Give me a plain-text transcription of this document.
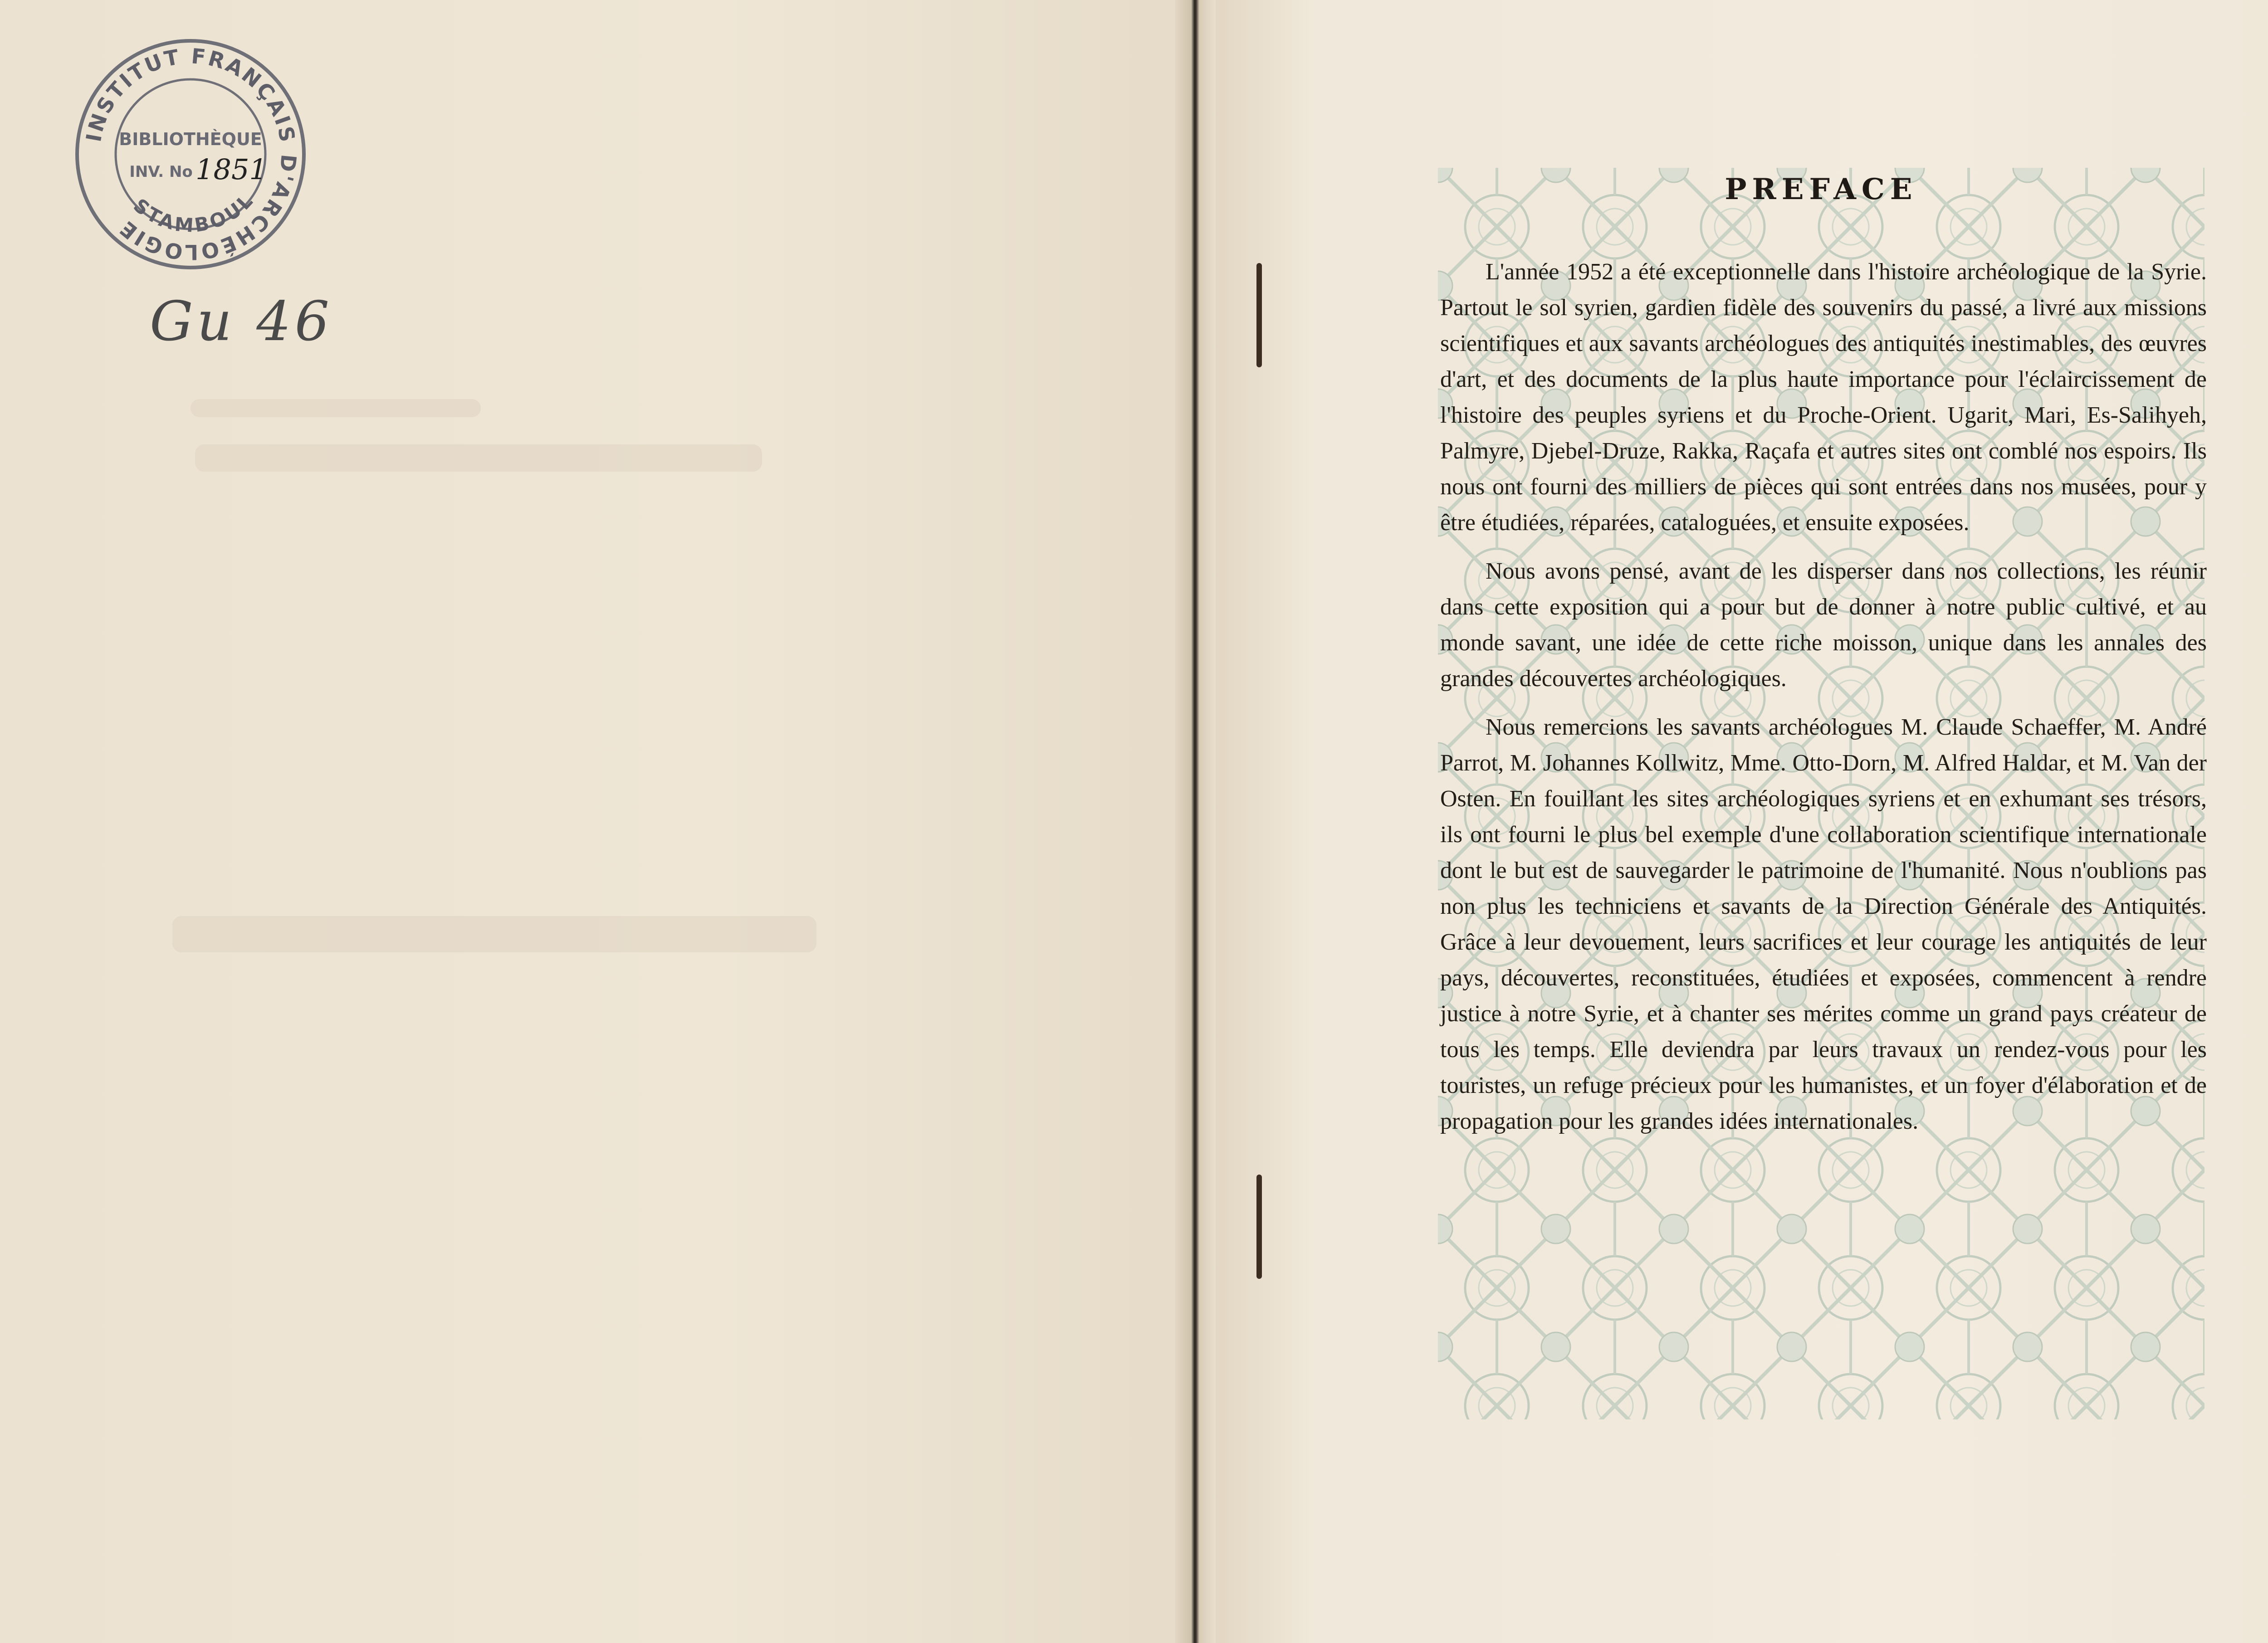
INSTITUT FRANÇAIS D'ARCHÉOLOGIE
STAMBOUL
BIBLIOTHÈQUE
INV. No 1851
Gu 46
PREFACE

L'année 1952 a été exceptionnelle dans l'histoire archéologique de la Syrie. Partout le sol syrien, gardien fidèle des souvenirs du passé, a livré aux missions scientifiques et aux savants archéologues des antiquités inestimables, des œuvres d'art, et des documents de la plus haute importance pour l'éclaircissement de l'histoire des peuples syriens et du Proche-Orient. Ugarit, Mari, Es-Salihyeh, Palmyre, Djebel-Druze, Rakka, Raçafa et autres sites ont comblé nos espoirs. Ils nous ont fourni des milliers de pièces qui sont entrées dans nos musées, pour y être étudiées, réparées, cataloguées, et ensuite exposées.

Nous avons pensé, avant de les disperser dans nos collections, les réunir dans cette exposition qui a pour but de donner à notre public cultivé, et au monde savant, une idée de cette riche moisson, unique dans les annales des grandes découvertes archéologiques.

Nous remercions les savants archéologues M. Claude Schaeffer, M. André Parrot, M. Johannes Kollwitz, Mme. Otto-Dorn, M. Alfred Haldar, et M. Van der Osten. En fouillant les sites archéologiques syriens et en exhumant ses trésors, ils ont fourni le plus bel exemple d'une collaboration scientifique internationale dont le but est de sauvegarder le patrimoine de l'humanité. Nous n'oublions pas non plus les techniciens et savants de la Direction Générale des Antiquités. Grâce à leur devouement, leurs sacrifices et leur courage les antiquités de leur pays, découvertes, reconstituées, étudiées et exposées, commencent à rendre justice à notre Syrie, et à chanter ses mérites comme un grand pays créateur de tous les temps. Elle deviendra par leurs travaux un rendez-vous pour les touristes, un refuge précieux pour les humanistes, et un foyer d'élaboration et de propagation pour les grandes idées internationales.
